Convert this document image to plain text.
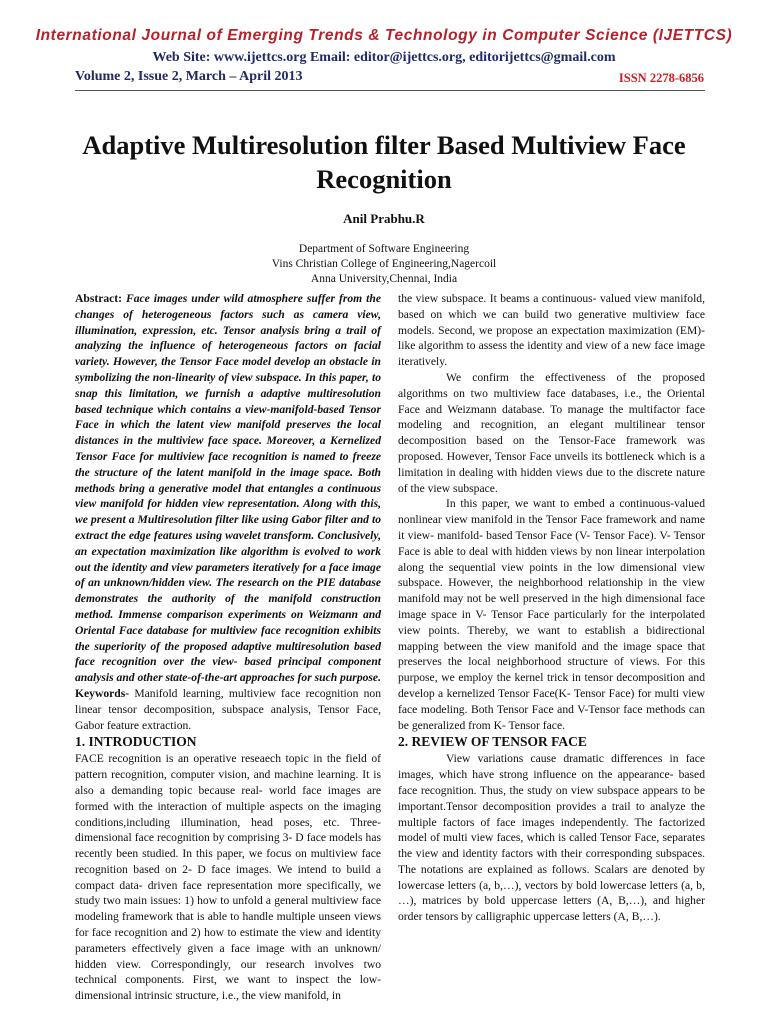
International Journal of Emerging Trends & Technology in Computer Science (IJETTCS)
Web Site: www.ijettcs.org Email: editor@ijettcs.org, editorijettcs@gmail.com
Volume 2, Issue 2, March – April 2013	ISSN 2278-6856
Adaptive Multiresolution filter Based Multiview Face Recognition
Anil Prabhu.R
Department of Software Engineering
Vins Christian College of Engineering,Nagercoil
Anna University,Chennai, India

Abstract: Face images under wild atmosphere suffer from the changes of heterogeneous factors such as camera view, illumination, expression, etc. Tensor analysis bring a trail of analyzing the influence of heterogeneous factors on facial variety. However, the Tensor Face model develop an obstacle in symbolizing the non-linearity of view subspace. In this paper, to snap this limitation, we furnish a adaptive multiresolution based technique which contains a view-manifold-based Tensor Face in which the latent view manifold preserves the local distances in the multiview face space. Moreover, a Kernelized Tensor Face for multiview face recognition is named to freeze the structure of the latent manifold in the image space. Both methods bring a generative model that entangles a continuous view manifold for hidden view representation. Along with this, we present a Multiresolution filter like using Gabor filter and to extract the edge features using wavelet transform. Conclusively, an expectation maximization like algorithm is evolved to work out the identity and view parameters iteratively for a face image of an unknown/hidden view. The research on the PIE database demonstrates the authority of the manifold construction method. Immense comparison experiments on Weizmann and Oriental Face database for multiview face recognition exhibits the superiority of the proposed adaptive multiresolution based face recognition over the view- based principal component analysis and other state-of-the-art approaches for such purpose.

Keywords- Manifold learning, multiview face recognition non linear tensor decomposition, subspace analysis, Tensor Face, Gabor feature extraction.

1. INTRODUCTION

FACE recognition is an operative reseaech topic in the field of pattern recognition, computer vision, and machine learning. It is also a demanding topic because real- world face images are formed with the interaction of multiple aspects on the imaging conditions,including illumination, head poses, etc. Three-dimensional face recognition by comprising 3- D face models has recently been studied. In this paper, we focus on multiview face recognition based on 2- D face images. We intend to build a compact data- driven face representation more specifically, we study two main issues: 1) how to unfold a general multiview face modeling framework that is able to handle multiple unseen views for face recognition and 2) how to estimate the view and identity parameters effectively given a face image with an unknown/ hidden view. Correspondingly, our research involves two technical components. First, we want to inspect the low-dimensional intrinsic structure, i.e., the view manifold, in

the view subspace. It beams a continuous- valued view manifold, based on which we can build two generative multiview face models. Second, we propose an expectation maximization (EM)- like algorithm to assess the identity and view of a new face image iteratively.

We confirm the effectiveness of the proposed algorithms on two multiview face databases, i.e., the Oriental Face and Weizmann database. To manage the multifactor face modeling and recognition, an elegant multilinear tensor decomposition based on the Tensor-Face framework was proposed. However, Tensor Face unveils its bottleneck which is a limitation in dealing with hidden views due to the discrete nature of the view subspace.

In this paper, we want to embed a continuous-valued nonlinear view manifold in the Tensor Face framework and name it view- manifold- based Tensor Face (V- Tensor Face). V- Tensor Face is able to deal with hidden views by non linear interpolation along the sequential view points in the low dimensional view subspace. However, the neighborhood relationship in the view manifold may not be well preserved in the high dimensional face image space in V- Tensor Face particularly for the interpolated view points. Thereby, we want to establish a bidirectional mapping between the view manifold and the image space that preserves the local neighborhood structure of views. For this purpose, we employ the kernel trick in tensor decomposition and develop a kernelized Tensor Face(K- Tensor Face) for multi view face modeling. Both Tensor Face and V-Tensor face methods can be generalized from K- Tensor face.

2. REVIEW OF TENSOR FACE

View variations cause dramatic differences in face images, which have strong influence on the appearance- based face recognition. Thus, the study on view subspace appears to be important.Tensor decomposition provides a trail to analyze the multiple factors of face images independently. The factorized model of multi view faces, which is called Tensor Face, separates the view and identity factors with their corresponding subspaces. The notations are explained as follows. Scalars are denoted by lowercase letters (a, b,…), vectors by bold lowercase letters (a, b, …), matrices by bold uppercase letters (A, B,…), and higher order tensors by calligraphic uppercase letters (A, B,…).
